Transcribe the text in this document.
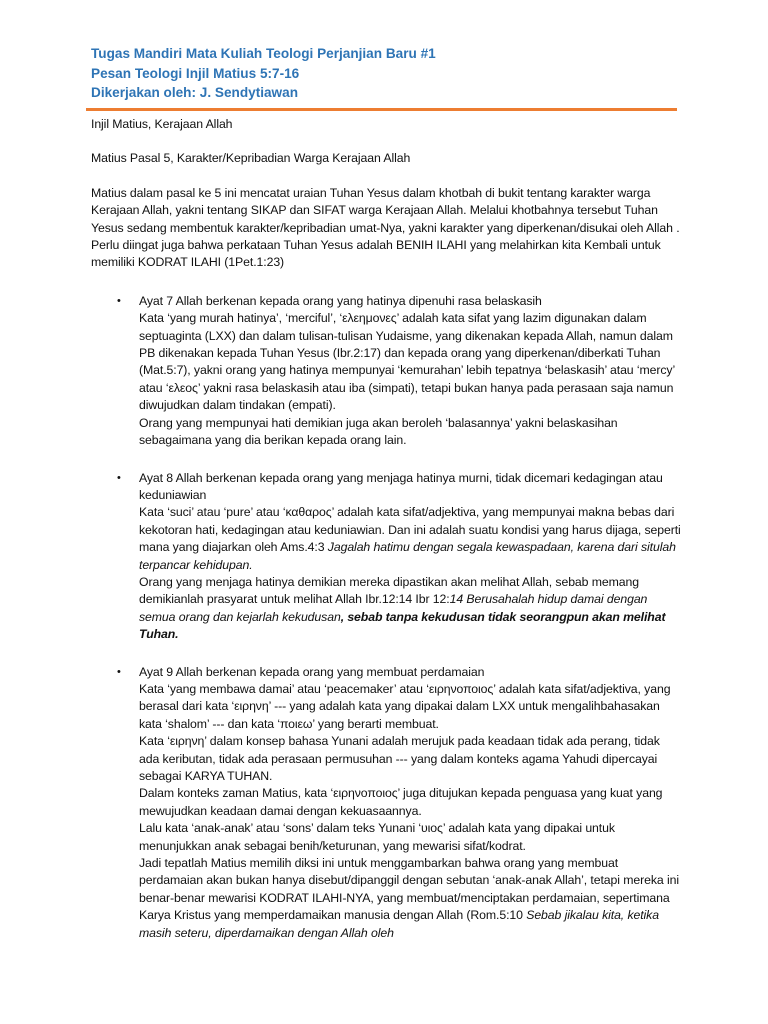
Tugas Mandiri Mata Kuliah Teologi Perjanjian Baru #1
Pesan Teologi Injil Matius 5:7-16
Dikerjakan oleh: J. Sendytiawan

Injil Matius, Kerajaan Allah

Matius Pasal 5, Karakter/Kepribadian Warga Kerajaan Allah

Matius dalam pasal ke 5 ini mencatat uraian Tuhan Yesus dalam khotbah di bukit tentang karakter warga Kerajaan Allah, yakni tentang SIKAP dan SIFAT warga Kerajaan Allah. Melalui khotbahnya tersebut Tuhan Yesus sedang membentuk karakter/kepribadian umat-Nya, yakni karakter yang diperkenan/disukai oleh Allah . Perlu diingat juga bahwa perkataan Tuhan Yesus adalah BENIH ILAHI yang melahirkan kita Kembali untuk memiliki KODRAT ILAHI (1Pet.1:23)

• Ayat 7 Allah berkenan kepada orang yang hatinya dipenuhi rasa belaskasih

Kata ‘yang murah hatinya’, ‘merciful’, ‘ελεημονες’ adalah kata sifat yang lazim digunakan dalam septuaginta (LXX) dan dalam tulisan-tulisan Yudaisme, yang dikenakan kepada Allah, namun dalam PB dikenakan kepada Tuhan Yesus (Ibr.2:17) dan kepada orang yang diperkenan/diberkati Tuhan (Mat.5:7), yakni orang yang hatinya mempunyai ‘kemurahan’ lebih tepatnya ‘belaskasih’ atau ‘mercy’ atau ‘ελεος’ yakni rasa belaskasih atau iba (simpati), tetapi bukan hanya pada perasaan saja namun diwujudkan dalam tindakan (empati).

Orang yang mempunyai hati demikian juga akan beroleh ‘balasannya’ yakni belaskasihan sebagaimana yang dia berikan kepada orang lain.

• Ayat 8 Allah berkenan kepada orang yang menjaga hatinya murni, tidak dicemari kedagingan atau keduniawian

Kata ‘suci’ atau ‘pure’ atau ‘καθαρος’ adalah kata sifat/adjektiva, yang mempunyai makna bebas dari kekotoran hati, kedagingan atau keduniawian. Dan ini adalah suatu kondisi yang harus dijaga, seperti mana yang diajarkan oleh Ams.4:3 Jagalah hatimu dengan segala kewaspadaan, karena dari situlah terpancar kehidupan.

Orang yang menjaga hatinya demikian mereka dipastikan akan melihat Allah, sebab memang demikianlah prasyarat untuk melihat Allah Ibr.12:14 Ibr 12:14 Berusahalah hidup damai dengan semua orang dan kejarlah kekudusan, sebab tanpa kekudusan tidak seorangpun akan melihat Tuhan.

• Ayat 9 Allah berkenan kepada orang yang membuat perdamaian

Kata ‘yang membawa damai’ atau ‘peacemaker’ atau ‘ειρηνοποιος’ adalah kata sifat/adjektiva, yang berasal dari kata ‘ειρηνη’ --- yang adalah kata yang dipakai dalam LXX untuk mengalihbahasakan kata ‘shalom’ --- dan kata ‘ποιεω’ yang berarti membuat.

Kata ‘ειρηνη’ dalam konsep bahasa Yunani adalah merujuk pada keadaan tidak ada perang, tidak ada keributan, tidak ada perasaan permusuhan --- yang dalam konteks agama Yahudi dipercayai sebagai KARYA TUHAN.

Dalam konteks zaman Matius, kata ‘ειρηνοποιος’ juga ditujukan kepada penguasa yang kuat yang mewujudkan keadaan damai dengan kekuasaannya.

Lalu kata ‘anak-anak’ atau ‘sons’ dalam teks Yunani ‘υιος’ adalah kata yang dipakai untuk menunjukkan anak sebagai benih/keturunan, yang mewarisi sifat/kodrat.

Jadi tepatlah Matius memilih diksi ini untuk menggambarkan bahwa orang yang membuat perdamaian akan bukan hanya disebut/dipanggil dengan sebutan ‘anak-anak Allah’, tetapi mereka ini benar-benar mewarisi KODRAT ILAHI-NYA, yang membuat/menciptakan perdamaian, sepertimana Karya Kristus yang memperdamaikan manusia dengan Allah (Rom.5:10 Sebab jikalau kita, ketika masih seteru, diperdamaikan dengan Allah oleh
